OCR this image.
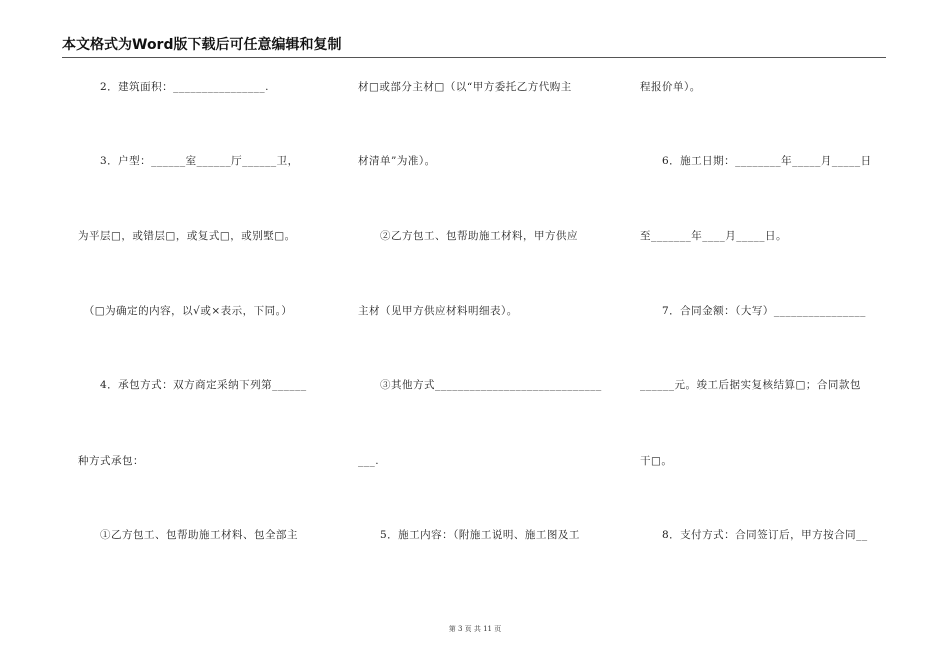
本文格式为Word版下载后可任意编辑和复制
　　2．建筑面积：________________.
　　3．户型：______室______厅______卫，
为平层□，或错层□，或复式□，或别墅□。
　（□为确定的内容，以√或×表示，下同。）
　　4．承包方式：双方商定采纳下列第______
种方式承包：
　　①乙方包工、包帮助施工材料、包全部主
材□或部分主材□（以“甲方委托乙方代购主
材清单”为准）。
　　②乙方包工、包帮助施工材料，甲方供应
主材（见甲方供应材料明细表）。
　　③其他方式_____________________________
___.
　　5．施工内容：（附施工说明、施工图及工
程报价单）。
　　6．施工日期：________年_____月_____日
至_______年____月_____日。
　　7．合同金额：（大写）________________
______元。竣工后据实复核结算□；合同款包
干□。
　　8．支付方式：合同签订后，甲方按合同__
第 3 页 共 11 页
